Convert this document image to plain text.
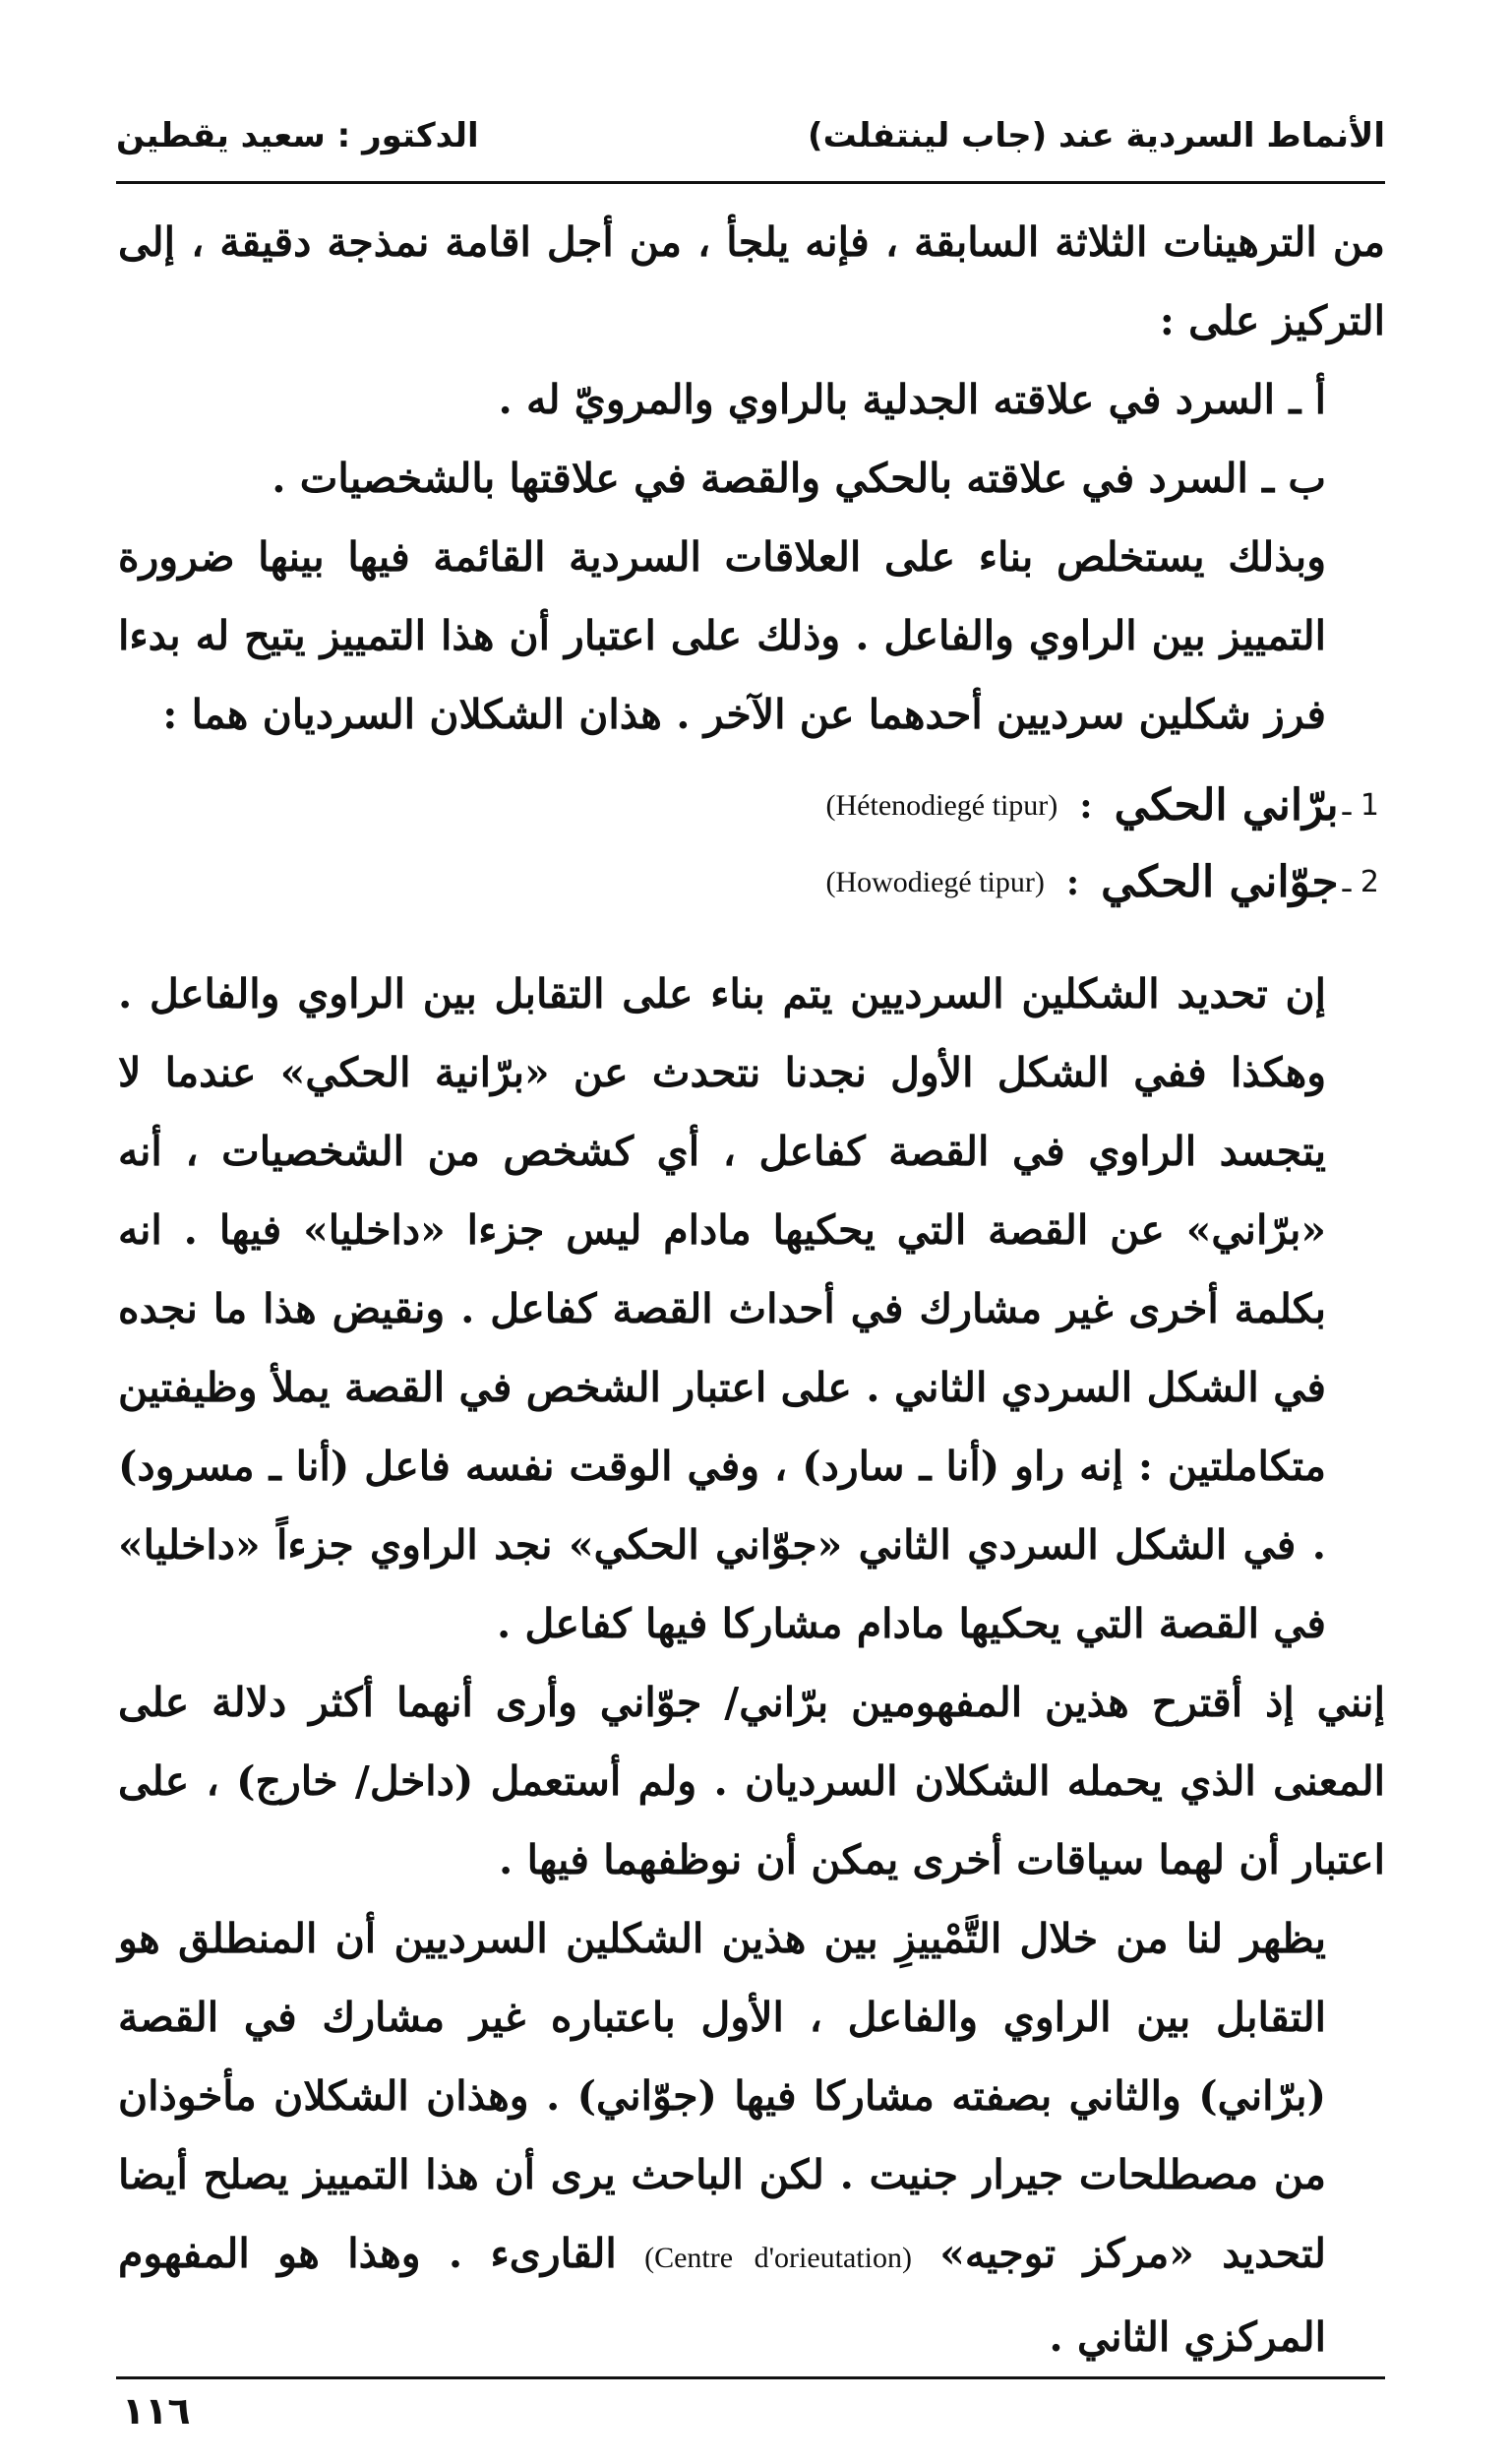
الأنماط السردية عند (جاب لينتفلت)
الدكتور : سعيد يقطين

من الترهينات الثلاثة السابقة ، فإنه يلجأ ، من أجل اقامة نمذجة دقيقة ، إلى التركيز على :

أ ـ السرد في علاقته الجدلية بالراوي والمرويّ له .

ب ـ السرد في علاقته بالحكي والقصة في علاقتها بالشخصيات .

وبذلك يستخلص بناء على العلاقات السردية القائمة فيها بينها ضرورة التمييز بين الراوي والفاعل . وذلك على اعتبار أن هذا التمييز يتيح له بدءا فرز شكلين سرديين أحدهما عن الآخر . هذان الشكلان السرديان هما :

1 ـ
برّاني الحكي
:
(Hétenodiegé tipur)
2 ـ
جوّاني الحكي
:
(Howodiegé tipur)

إن تحديد الشكلين السرديين يتم بناء على التقابل بين الراوي والفاعل . وهكذا ففي الشكل الأول نجدنا نتحدث عن «برّانية الحكي» عندما لا يتجسد الراوي في القصة كفاعل ، أي كشخص من الشخصيات ، أنه «برّاني» عن القصة التي يحكيها مادام ليس جزءا «داخليا» فيها . انه بكلمة أخرى غير مشارك في أحداث القصة كفاعل . ونقيض هذا ما نجده في الشكل السردي الثاني . على اعتبار الشخص في القصة يملأ وظيفتين متكاملتين : إنه راو (أنا ـ سارد) ، وفي الوقت نفسه فاعل (أنا ـ مسرود) . في الشكل السردي الثاني «جوّاني الحكي» نجد الراوي جزءاً «داخليا» في القصة التي يحكيها مادام مشاركا فيها كفاعل .

إنني إذ أقترح هذين المفهومين برّاني/ جوّاني وأرى أنهما أكثر دلالة على المعنى الذي يحمله الشكلان السرديان . ولم أستعمل (داخل/ خارج) ، على اعتبار أن لهما سياقات أخرى يمكن أن نوظفهما فيها .

يظهر لنا من خلال التَّمْييزِ بين هذين الشكلين السرديين أن المنطلق هو التقابل بين الراوي والفاعل ، الأول باعتباره غير مشارك في القصة (برّاني) والثاني بصفته مشاركا فيها (جوّاني) . وهذان الشكلان مأخوذان من مصطلحات جيرار جنيت . لكن الباحث يرى أن هذا التمييز يصلح أيضا لتحديد «مركز توجيه» (Centre d'orieutation) القارىء . وهذا هو المفهوم المركزي الثاني .

١١٦
